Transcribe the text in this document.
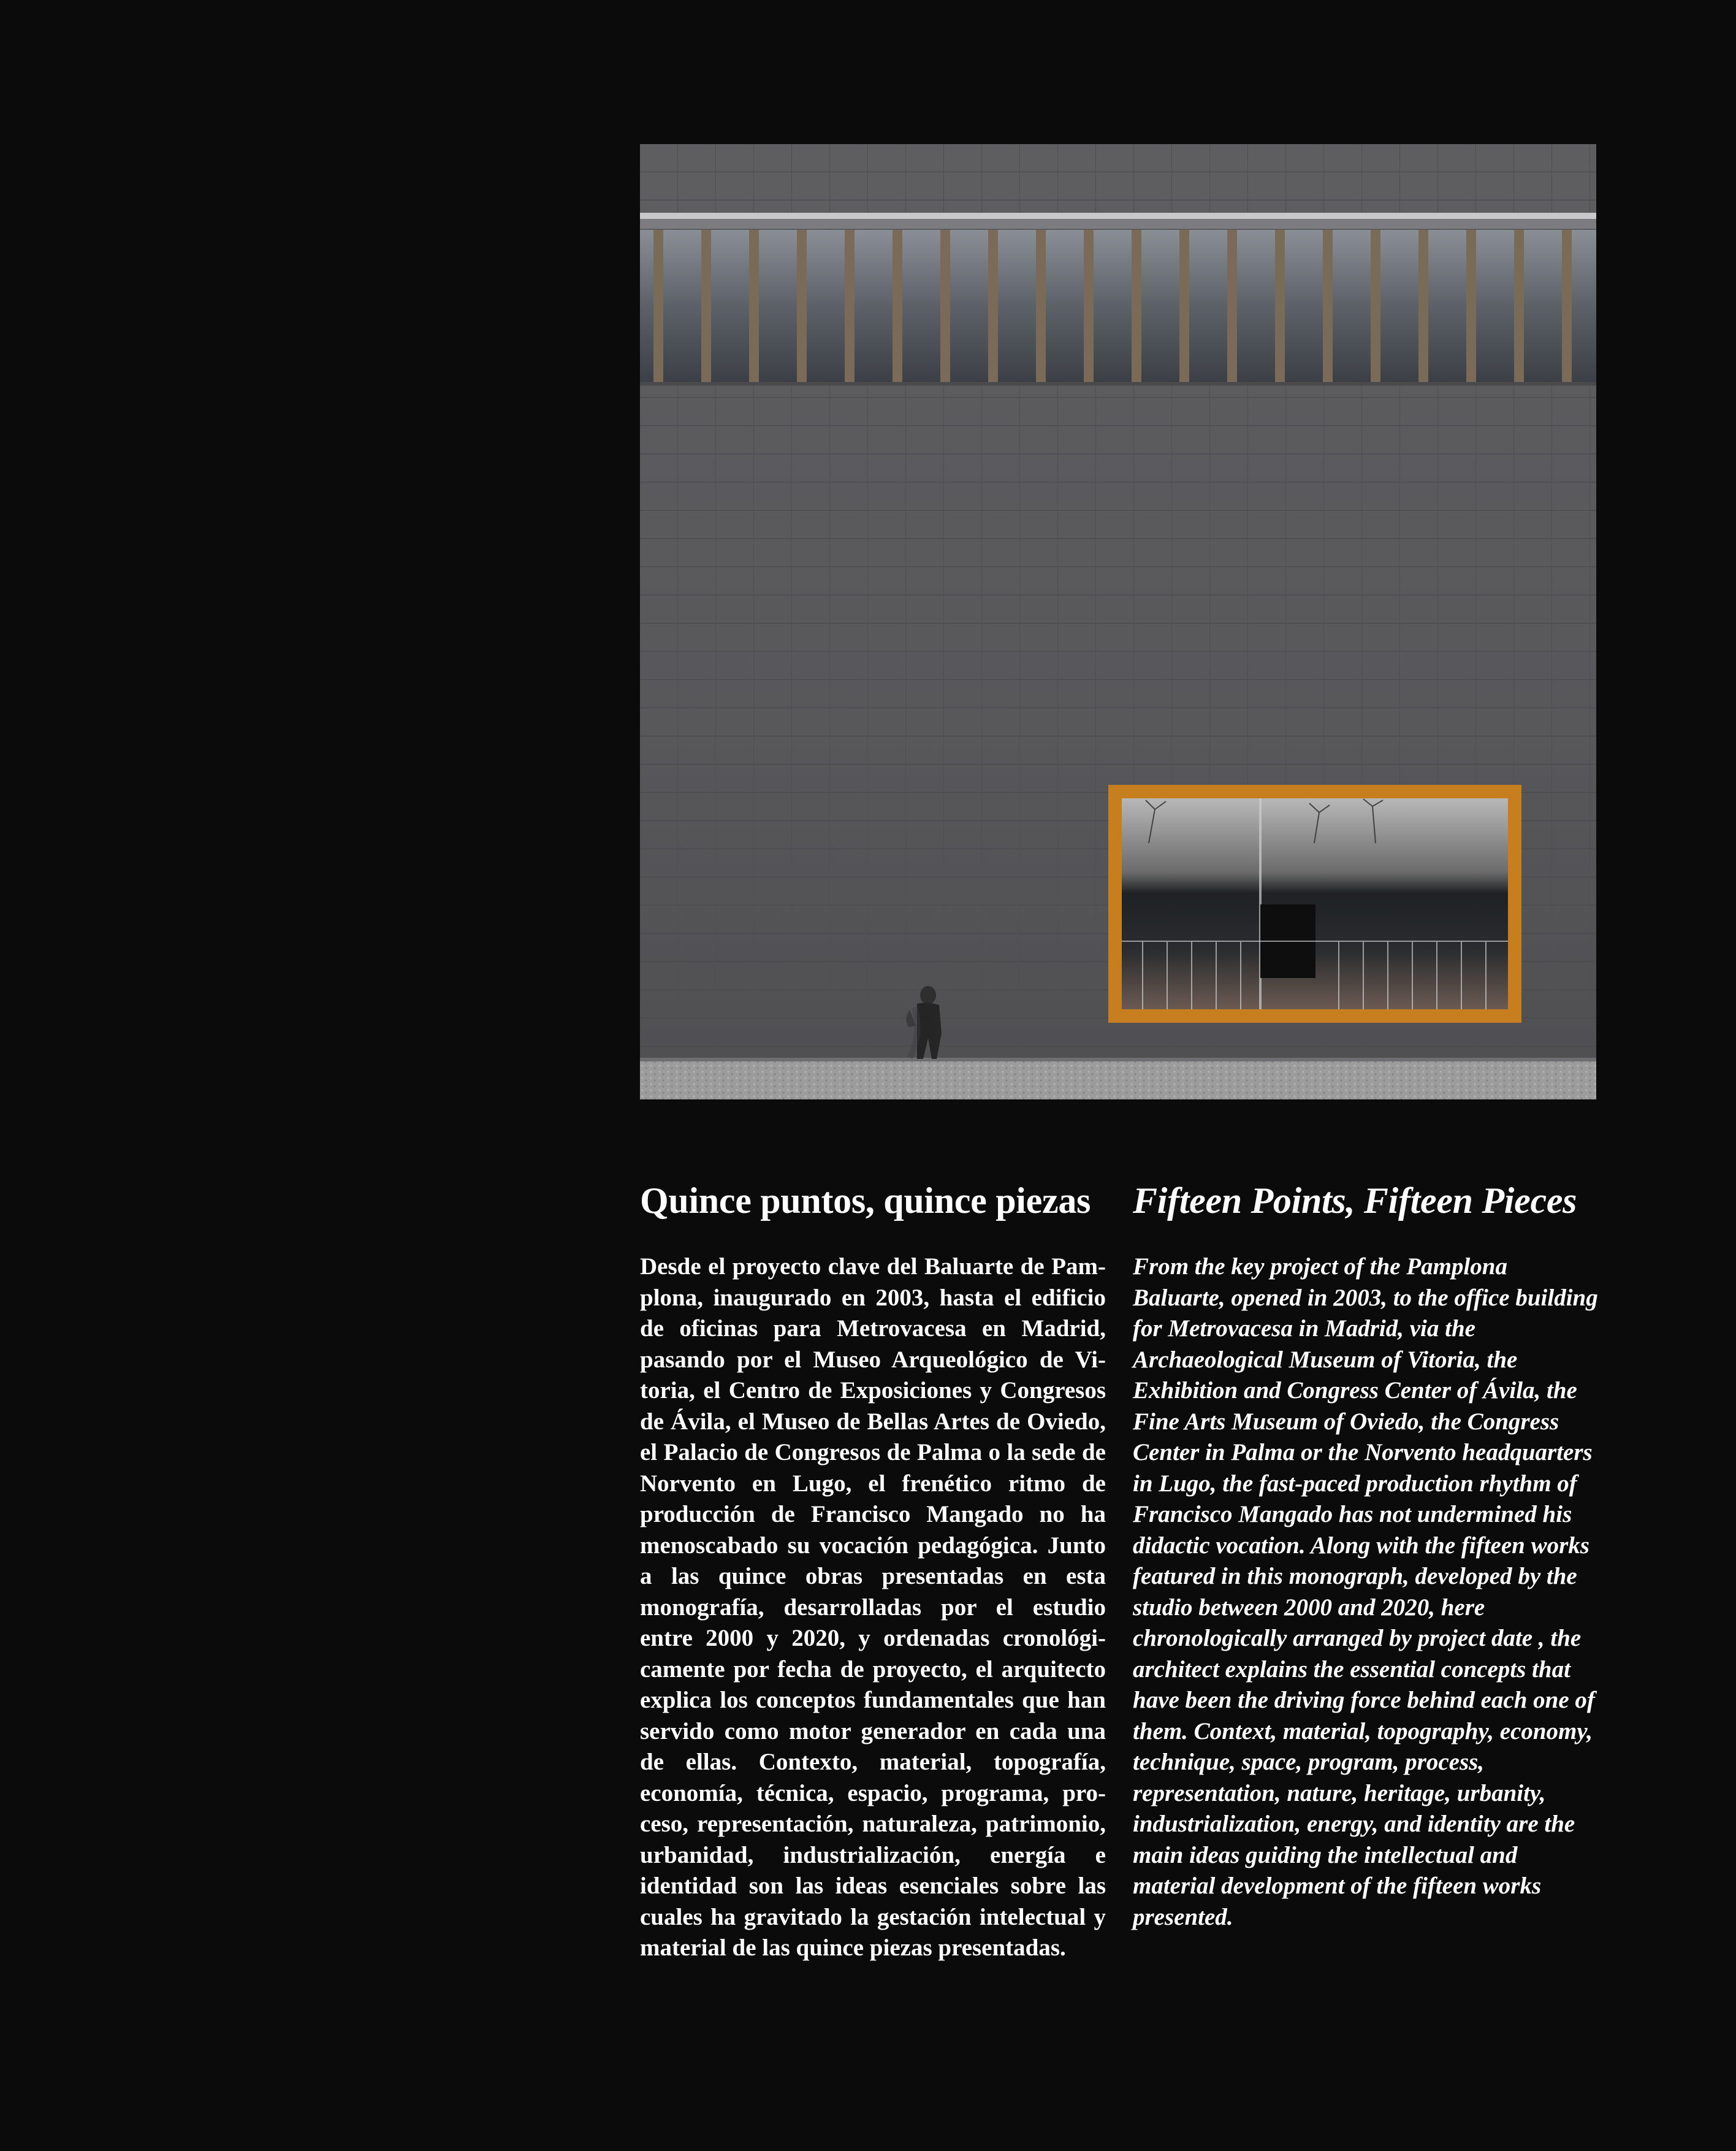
Quince puntos, quince piezas

Desde el proyecto clave del Baluarte de Pamplona, inaugurado en 2003, hasta el edificio de oficinas para Metrovacesa en Madrid, pasando por el Museo Arqueológico de Vitoria, el Centro de Exposiciones y Congresos de Ávila, el Museo de Bellas Artes de Oviedo, el Palacio de Congresos de Palma o la sede de Norvento en Lugo, el frenético ritmo de producción de Francisco Mangado no ha menoscabado su vocación pedagógica. Junto a las quince obras presentadas en esta monografía, desarrolladas por el estudio entre 2000 y 2020, y ordenadas cronológicamente por fecha de proyecto, el arquitecto explica los conceptos fundamentales que han servido como motor generador en cada una de ellas. Contexto, material, topografía, economía, técnica, espacio, programa, proceso, representación, naturaleza, patrimonio, urbanidad, industrialización, energía e identidad son las ideas esenciales sobre las cuales ha gravitado la gestación intelectual y material de las quince piezas presentadas.

Fifteen Points, Fifteen Pieces

From the key project of the Pamplona Baluarte, opened in 2003, to the office building for Metrovacesa in Madrid, via the Archaeological Museum of Vitoria, the Exhibition and Congress Center of Ávila, the Fine Arts Museum of Oviedo, the Congress Center in Palma or the Norvento headquarters in Lugo, the fast-paced production rhythm of Francisco Mangado has not undermined his didactic vocation. Along with the fifteen works featured in this monograph, developed by the studio between 2000 and 2020, here chronologically arranged by project date , the architect explains the essential concepts that have been the driving force behind each one of them. Context, material, topography, economy, technique, space, program, process, representation, nature, heritage, urbanity, industrialization, energy, and identity are the main ideas guiding the intellectual and material development of the fifteen works presented.
